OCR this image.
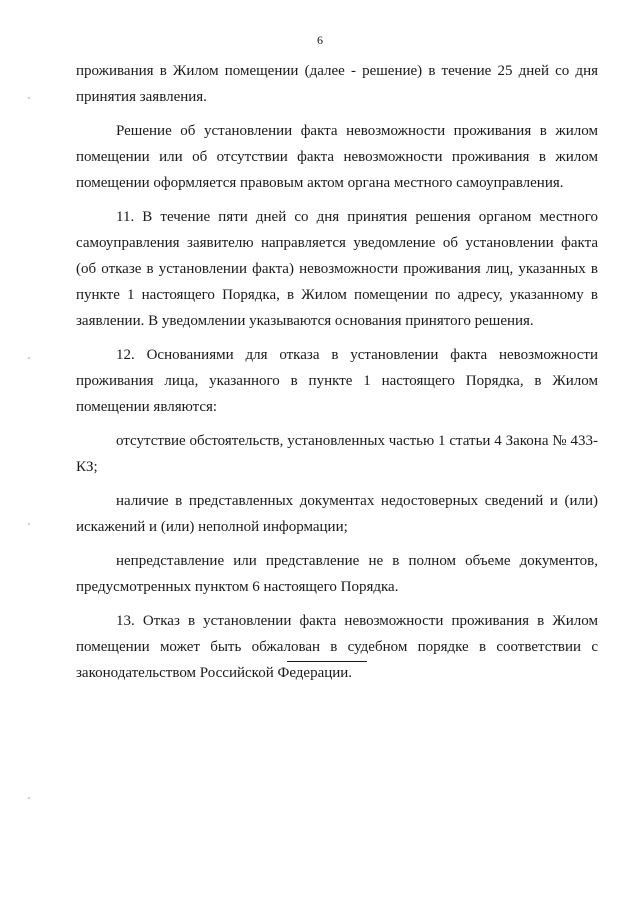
6

проживания в Жилом помещении (далее - решение) в течение 25 дней со дня принятия заявления.

Решение об установлении факта невозможности проживания в жилом помещении или об отсутствии факта невозможности проживания в жилом помещении оформляется правовым актом органа местного самоуправления.

11. В течение пяти дней со дня принятия решения органом местного самоуправления заявителю направляется уведомление об установлении факта (об отказе в установлении факта) невозможности проживания лиц, указанных в пункте 1 настоящего Порядка, в Жилом помещении по адресу, указанному в заявлении. В уведомлении указываются основания принятого решения.

12. Основаниями для отказа в установлении факта невозможности проживания лица, указанного в пункте 1 настоящего Порядка, в Жилом помещении являются:

отсутствие обстоятельств, установленных частью 1 статьи 4 Закона № 433-КЗ;

наличие в представленных документах недостоверных сведений и (или) искажений и (или) неполной информации;

непредставление или представление не в полном объеме документов, предусмотренных пунктом 6 настоящего Порядка.

13. Отказ в установлении факта невозможности проживания в Жилом помещении может быть обжалован в судебном порядке в соответствии с законодательством Российской Федерации.
